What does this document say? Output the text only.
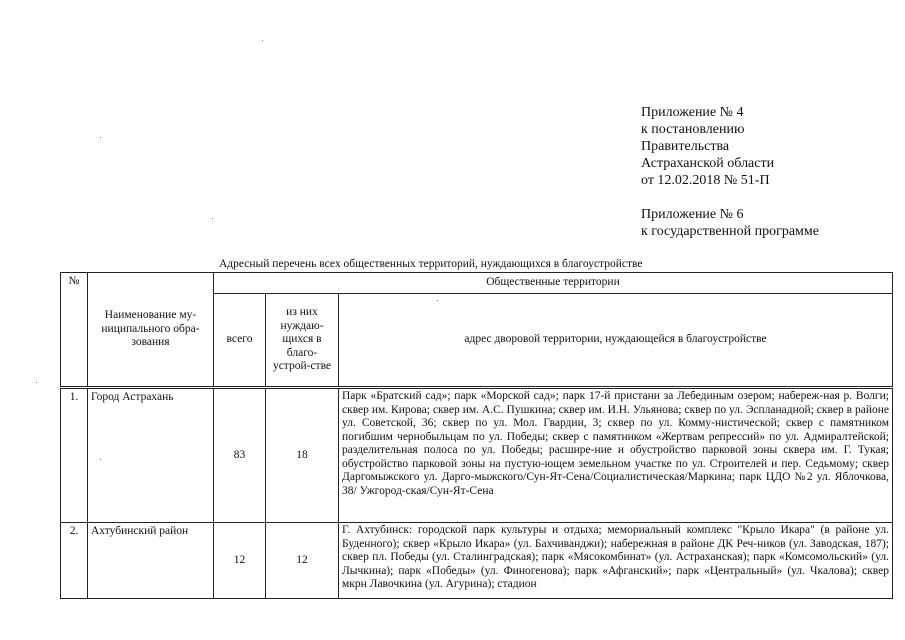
Приложение № 4
к постановлению
Правительства
Астраханской области
от 12.02.2018 № 51-П
Приложение № 6
к государственной программе
Адресный перечень всех общественных территорий, нуждающихся в благоустройстве
№	Наименование му-ниципального обра-зования	Общественные территории		
		всего	из них нуждаю-щихся в благо-устрой-стве	адрес дворовой территории, нуждающейся в благоустройстве
1.	Город Астрахань	83	18	Парк «Братский сад»; парк «Морской сад»; парк 17-й пристани за Лебединым озером; набереж-ная р. Волги; сквер им. Кирова; сквер им. А.С. Пушкина; сквер им. И.Н. Ульянова; сквер по ул. Эспланадной; сквер в районе ул. Советской, 36; сквер по ул. Мол. Гвардии, 3; сквер по ул. Комму-нистической; сквер с памятником погибшим чернобыльцам по ул. Победы; сквер с памятником «Жертвам репрессий» по ул. Адмиралтейской; разделительная полоса по ул. Победы; расшире-ние и обустройство парковой зоны сквера им. Г. Тукая; обустройство парковой зоны на пустую-ющем земельном участке по ул. Строителей и пер. Седьмому; сквер Даргомыжского ул. Дарго-мыжского/Сун-Ят-Сена/Социалистическая/Маркина; парк ЦДО №2 ул. Яблочкова, 38/ Ужгород-ская/Сун-Ят-Сена
2.	Ахтубинский район	12	12	Г. Ахтубинск: городской парк культуры и отдыха; мемориальный комплекс "Крыло Икара" (в районе ул. Буденного); сквер «Крыло Икара» (ул. Бахчиванджи); набережная в районе ДК Реч-ников (ул. Заводская, 187); сквер пл. Победы (ул. Сталинградская); парк «Мясокомбинат» (ул. Астраханская); парк «Комсомольский» (ул. Лычкина); парк «Победы» (ул. Финогенова); парк «Афганский»; парк «Центральный» (ул. Чкалова); сквер мкрн Лавочкина (ул. Агурина); стадион
